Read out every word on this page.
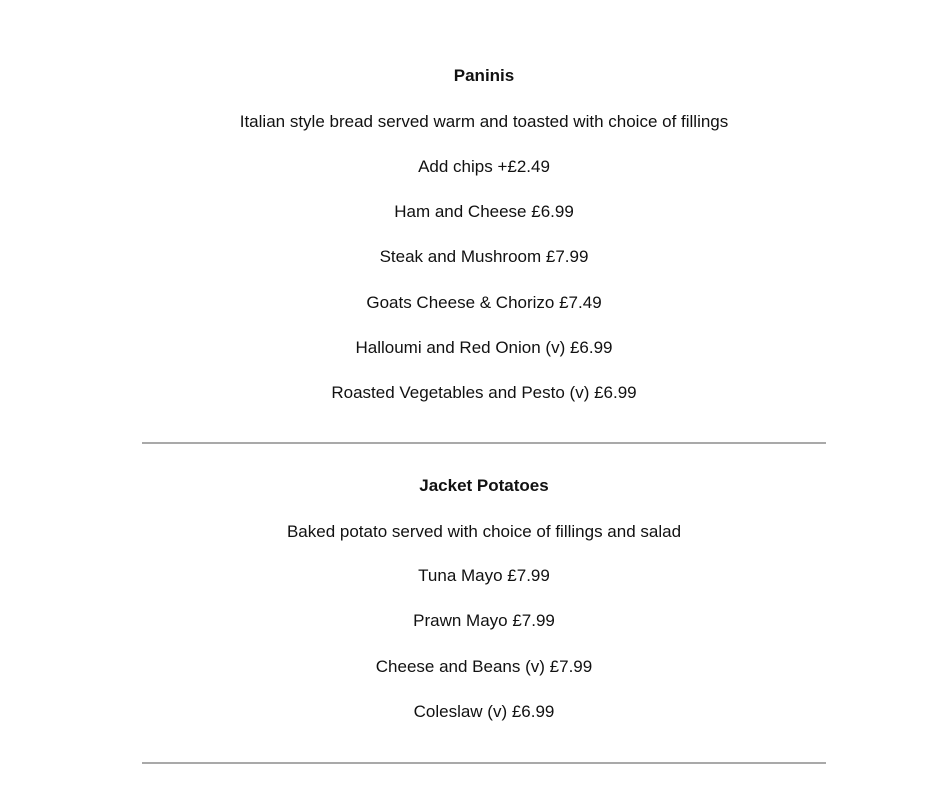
Paninis

Italian style bread served warm and toasted with choice of fillings

Add chips +£2.49

Ham and Cheese £6.99

Steak and Mushroom £7.99

Goats Cheese & Chorizo £7.49

Halloumi and Red Onion (v) £6.99

Roasted Vegetables and Pesto (v) £6.99

Jacket Potatoes

Baked potato served with choice of fillings and salad

Tuna Mayo £7.99

Prawn Mayo £7.99

Cheese and Beans (v) £7.99

Coleslaw (v) £6.99
